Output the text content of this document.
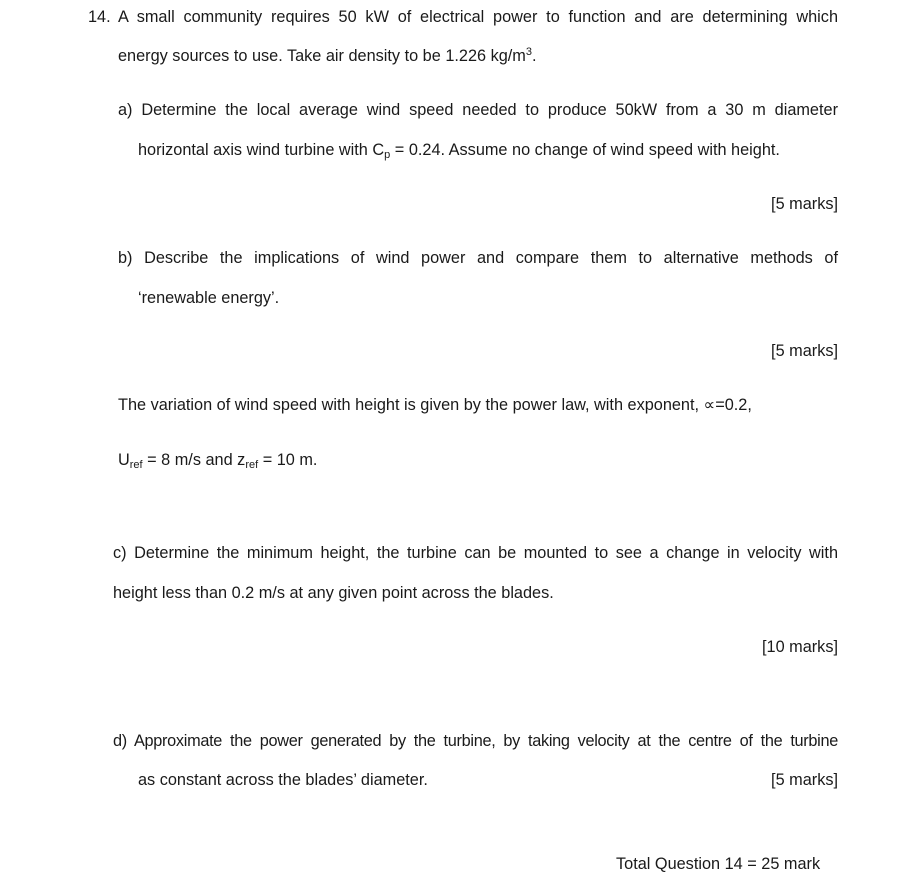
14. A small community requires 50 kW of electrical power to function and are determining which
energy sources to use. Take air density to be 1.226 $kg/m^3$.
a) Determine the local average wind speed needed to produce 50kW from a 30 m diameter
horizontal axis wind turbine with Cp = 0.24. Assume no change of wind speed with height.
[5 marks]
b) Describe the implications of wind power and compare them to alternative methods of
‘renewable energy’.
[5 marks]
The variation of wind speed with height is given by the power law, with exponent, ∝=0.2,
Uref = 8 m/s and zref = 10 m.
c) Determine the minimum height, the turbine can be mounted to see a change in velocity with
height less than 0.2 m/s at any given point across the blades.
[10 marks]
d) Approximate the power generated by the turbine, by taking velocity at the centre of the turbine
as constant across the blades’ diameter.	[5 marks]
Total Question 14 = 25 mark
